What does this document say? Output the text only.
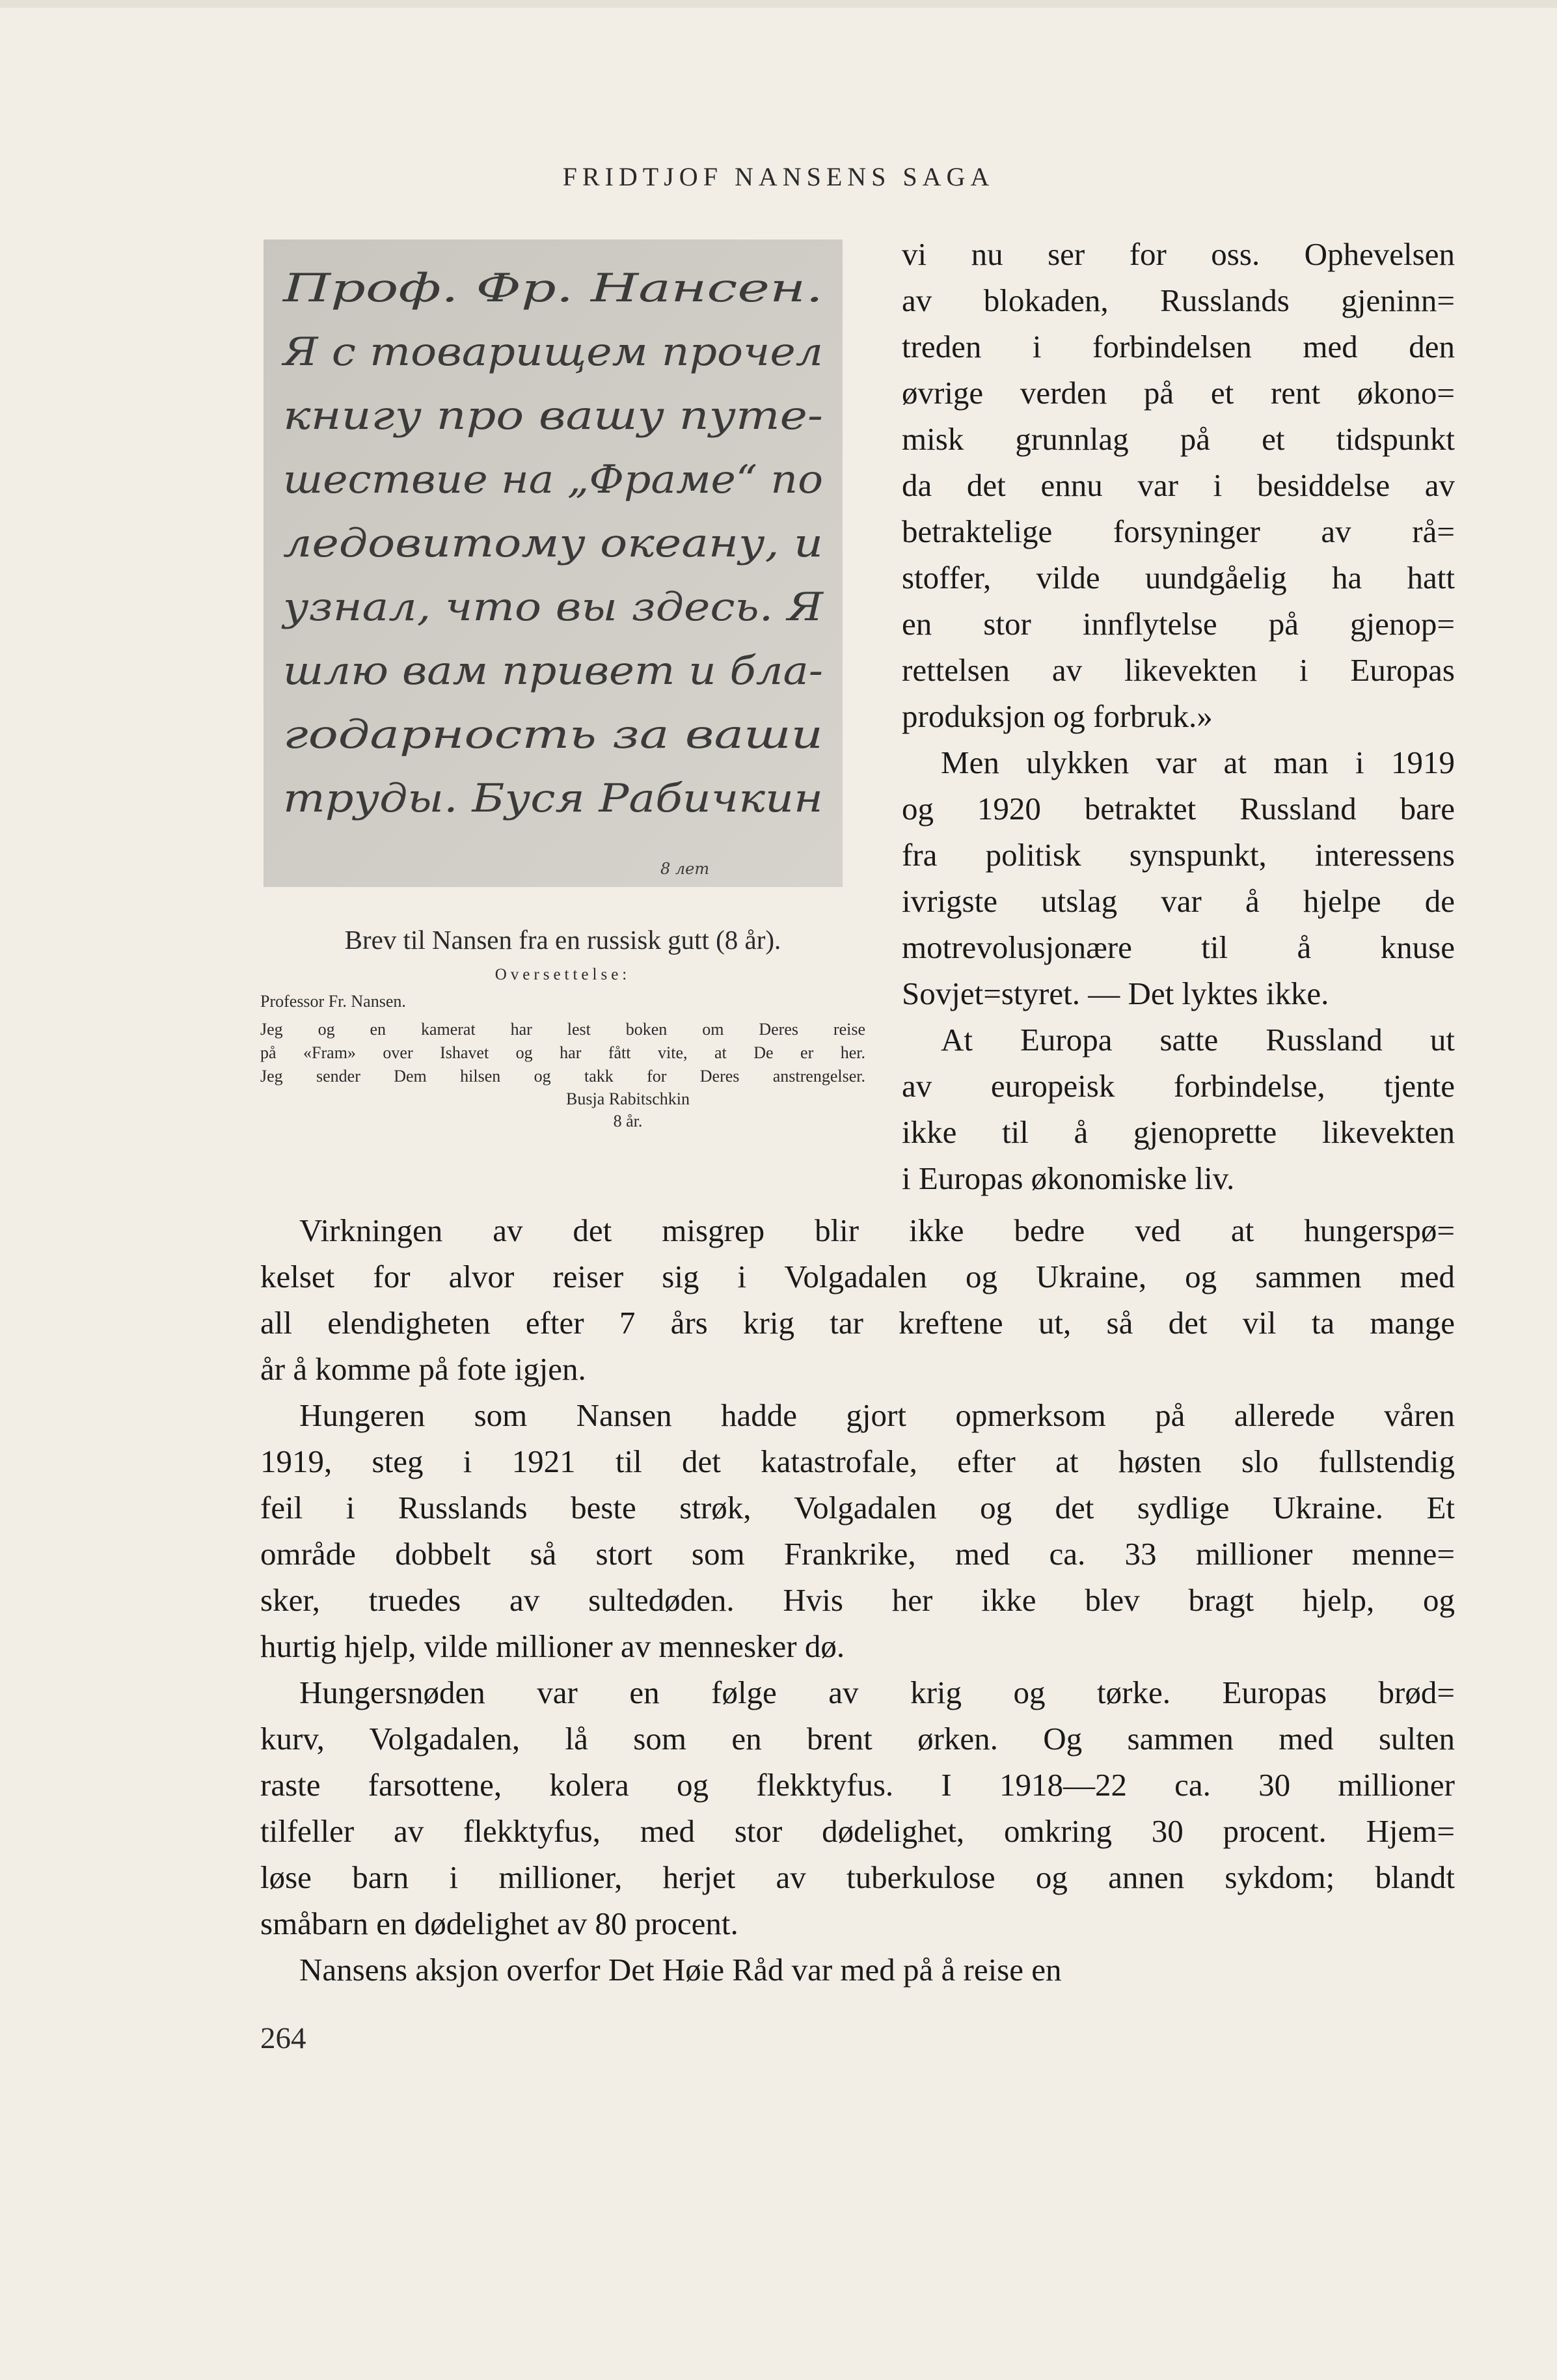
FRIDTJOF NANSENS SAGA
Проф. Фр. Нансен.
Я с товарищем прочел
книгу про вашу путе-
шествие на „Фраме“ по
ледовитому океану, и
узнал, что вы здесь. Я
шлю вам привет и бла-
годарность за ваши
труды. Буся Рабичкин
8 лет
Brev til Nansen fra en russisk gutt (8 år).
Oversettelse:
Professor Fr. Nansen.
Jeg og en kamerat har lest boken om Deres reise
på «Fram» over Ishavet og har fått vite, at De er her.
Jeg sender Dem hilsen og takk for Deres anstrengelser.
Busja Rabitschkin
8 år.
vi nu ser for oss. Ophevelsen
av blokaden, Russlands gjeninn=
treden i forbindelsen med den
øvrige verden på et rent økono=
misk grunnlag på et tidspunkt
da det ennu var i besiddelse av
betraktelige forsyninger av rå=
stoffer, vilde uundgåelig ha hatt
en stor innflytelse på gjenop=
rettelsen av likevekten i Europas
produksjon og forbruk.»
Men ulykken var at man i 1919
og 1920 betraktet Russland bare
fra politisk synspunkt, interessens
ivrigste utslag var å hjelpe de
motrevolusjonære til å knuse
Sovjet=styret. — Det lyktes ikke.
At Europa satte Russland ut
av europeisk forbindelse, tjente
ikke til å gjenoprette likevekten
i Europas økonomiske liv.
Virkningen av det misgrep blir ikke bedre ved at hungerspø=
kelset for alvor reiser sig i Volgadalen og Ukraine, og sammen med
all elendigheten efter 7 års krig tar kreftene ut, så det vil ta mange
år å komme på fote igjen.
Hungeren som Nansen hadde gjort opmerksom på allerede våren
1919, steg i 1921 til det katastrofale, efter at høsten slo fullstendig
feil i Russlands beste strøk, Volgadalen og det sydlige Ukraine. Et
område dobbelt så stort som Frankrike, med ca. 33 millioner menne=
sker, truedes av sultedøden. Hvis her ikke blev bragt hjelp, og
hurtig hjelp, vilde millioner av mennesker dø.
Hungersnøden var en følge av krig og tørke. Europas brød=
kurv, Volgadalen, lå som en brent ørken. Og sammen med sulten
raste farsottene, kolera og flekktyfus. I 1918—22 ca. 30 millioner
tilfeller av flekktyfus, med stor dødelighet, omkring 30 procent. Hjem=
løse barn i millioner, herjet av tuberkulose og annen sykdom; blandt
småbarn en dødelighet av 80 procent.
Nansens aksjon overfor Det Høie Råd var med på å reise en
264
